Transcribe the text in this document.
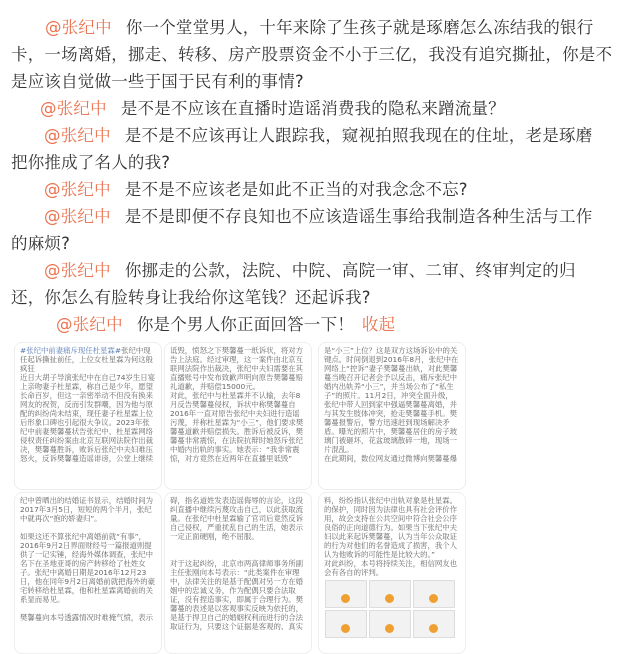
@张纪中 你一个堂堂男人，十年来除了生孩子就是琢磨怎么冻结我的银行
卡，一场离婚，挪走、转移、房产股票资金不小于三亿，我没有追究撕扯，你是不
是应该自觉做一些于国于民有利的事情?
@张纪中 是不是不应该在直播时造谣消费我的隐私来蹭流量？
@张纪中 是不是不应该再让人跟踪我，窥视拍照我现在的住址，老是琢磨
把你推成了名人的我?
@张纪中 是不是不应该老是如此不正当的对我念念不忘?
@张纪中 是不是即便不存良知也不应该造谣生事给我制造各种生活与工作
的麻烦?
@张纪中 你挪走的公款，法院、中院、高院一审、二审、终审判定的归
还，你怎么有脸转身让我给你这笔钱？还起诉我?
@张纪中 你是个男人你正面回答一下！ 收起
#张纪中前妻痛斥现任杜星霖#张纪中现任起诉撕扯前任，上位女杜星霖为何这般疯狂
近日大胡子导演张纪中在自己74岁生日宴上亲吻妻子杜星霖，称自己是少年，愿望长命百岁，但这一亲密举动不但没有换来网友的祝贺，反而引发群嘲，因为他与原配的纠纷尚未结束，现任妻子杜星霖上位后形象口碑也引起很大争议。2023年张纪中前妻樊馨蔓状告张纪中、杜星霖网络侵权责任纠纷案由北京互联网法院作出裁决，樊馨蔓胜诉，败诉后张纪中夫妇难压怒火，反诉樊馨蔓造谣诽谤，公堂上继续
诋毁，愤怒之下樊馨蔓一纸诉状，将对方告上法庭。经过审理，这一案件由北京互联网法院作出裁决，张纪中夫妇需要在其直播账号中发布致歉声明向原告樊馨蔓赔礼道歉，并赔偿15000元。
对此，张纪中与杜星霖并不认输，去年8月反告樊馨蔓侵权，诉状中称樊馨蔓自2016年一直对原告张纪中夫妇进行造谣污蔑，并称杜星霖为“小三”，他们要求樊馨蔓道歉并赔偿损失。胜诉后被反诉，樊馨蔓非常震惊，在法院抗辩时她怒斥张纪中婚内出轨的事实。她表示：“我非常震惊，对方竟然在近两年在直播里诋毁”
是“小三”上位？这是双方这场诉讼中的关键点。时间倒退到2016年8月，张纪中在网络上“控诉”妻子樊馨蔓出轨，对此樊馨蔓当晚召开记者会予以反击，痛斥张纪中婚内出轨养“小三”，并当场公布了“私生子”的照片。11月2日，冲突全面升级，张纪中带人回到家中强逼樊馨蔓离婚，并与其发生肢体冲突，抢走樊馨蔓手机。樊馨蔓报警后，警方迅速赶到现场解决矛盾。曝光的照片中，樊馨蔓居住的房子玻璃门被砸坏，花盆玻璃散碎一地，现场一片混乱。
在此期间，数位网友通过微博向樊馨蔓爆
纪中曾晒出的结婚证书显示，结婚时间为2017年3月5日，短短的两个半月，张纪中就再次“抱的娇妻归”。

如果这还不算张纪中离婚前就“有事”，2016年9月2日界面财经号一篇报道则提供了一记实锤，经海外媒体调查，张纪中名下在圣地亚哥的房产转移给了杜姓女子。张纪中离婚日期是2016年12月23日，他在同年9月2日离婚前就把海外的豪宅转移给杜星霖，他和杜星霖离婚前的关系显而易见。

樊馨蔓向本号透露情况时难掩气愤，表示
碍，指名道姓发表造谣侮辱的言论，这段纠直播中继续污蔑攻击自己，以此获取流量。在张纪中杜星霖输了官司后竟然反诉自己侵权，严重扰乱自己的生活，她表示一定正面硬刚，绝不屈服。

对于这起纠纷，北京市两高律师事务所副主任张刚向本号表示：“此类案件在审理中，法律关注的是基于配偶对另一方在婚姻中的忠诚义务，作为配偶只要合法取证，没有捏造事实，即属于合理行为。樊馨蔓的表述是以客观事实反映为依托的，是基于捍卫自己的婚姻权利而进行的合法取证行为，只要这个证据是客观的、真实
料，纷纷指认张纪中出轨对象是杜星霖。
的保护，同时因为法律也具有社会评价作用，故会支持在公共空间中符合社会公序良俗的正向道德行为。如果当下张纪中夫妇以此来起诉樊馨蔓，认为当年公众取证的行为对他们的名誉造成了损害，我个人认为他败诉的可能性是比较大的。”
对此纠纷，本号将持续关注，相信网友也会有各自的评判。
